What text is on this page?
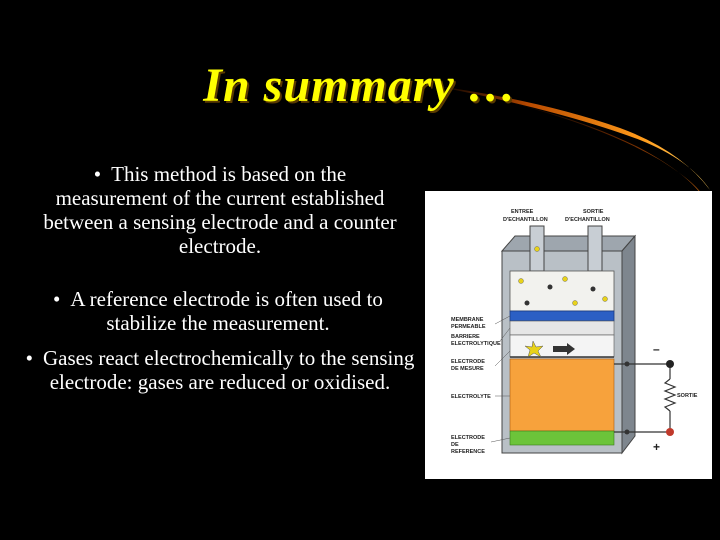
In summary …
• This method is based on the measurement of the current established between a sensing electrode and a counter electrode.
• A reference electrode is often used to stabilize the measurement.
• Gases react electrochemically to the sensing electrode: gases are reduced or oxidised.
ENTREE
D'ECHANTILLON
SORTIE
D'ECHANTILLON
MEMBRANE
PERMEABLE
BARRIERE
ELECTROLYTIQUE
ELECTRODE
DE MESURE
ELECTROLYTE
ELECTRODE
DE
REFERENCE
SORTIE
–
+
